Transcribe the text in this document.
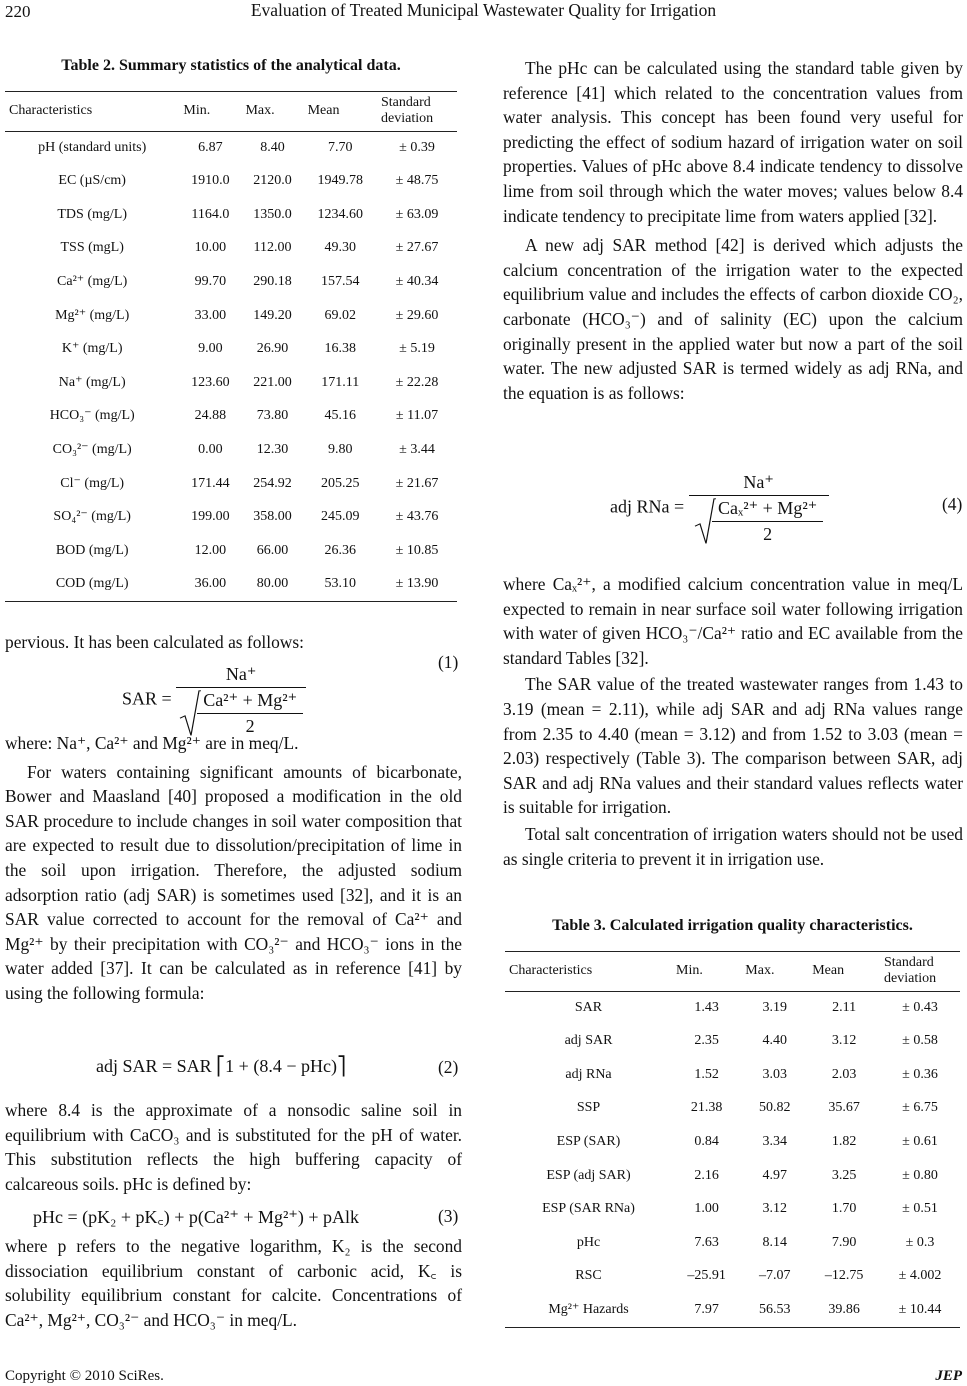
Evaluation of Treated Municipal Wastewater Quality for Irrigation
220
Table 2. Summary statistics of the analytical data.
Characteristics	Min.	Max.	Mean	Standard deviation
pH (standard units)	6.87	8.40	7.70	± 0.39
EC (µS/cm)	1910.0	2120.0	1949.78	± 48.75
TDS (mg/L)	1164.0	1350.0	1234.60	± 63.09
TSS (mgL)	10.00	112.00	49.30	± 27.67
Ca²⁺ (mg/L)	99.70	290.18	157.54	± 40.34
Mg²⁺ (mg/L)	33.00	149.20	69.02	± 29.60
K⁺ (mg/L)	9.00	26.90	16.38	± 5.19
Na⁺ (mg/L)	123.60	221.00	171.11	± 22.28
HCO₃⁻ (mg/L)	24.88	73.80	45.16	± 11.07
CO₃²⁻ (mg/L)	0.00	12.30	9.80	± 3.44
Cl⁻ (mg/L)	171.44	254.92	205.25	± 21.67
SO₄²⁻ (mg/L)	199.00	358.00	245.09	± 43.76
BOD (mg/L)	12.00	66.00	26.36	± 10.85
COD (mg/L)	36.00	80.00	53.10	± 13.90

pervious. It has been calculated as follows:

SAR = $\frac{Na^+}{\frac{\text{Ca²⁺ + Mg²⁺}}{2}}$
(1)

where: Na⁺, Ca²⁺ and Mg²⁺ are in meq/L.

For waters containing significant amounts of bicarbonate, Bower and Maasland [40] proposed a modification in the old SAR procedure to include changes in soil water composition that are expected to result due to dissolution/precipitation of lime in the soil upon irrigation. Therefore, the adjusted sodium adsorption ratio (adj SAR) is sometimes used [32], and it is an SAR value corrected to account for the removal of Ca²⁺ and Mg²⁺ by their precipitation with CO₃²⁻ and HCO₃⁻ ions in the water added [37]. It can be calculated as in reference [41] by using the following formula:

adj SAR = SAR ⎡1 + (8.4 − pHc)⎤	(2)

where 8.4 is the approximate of a nonsodic saline soil in equilibrium with CaCO₃ and is substituted for the pH of water. This substitution reflects the high buffering capacity of calcareous soils. pHc is defined by:

pHc = (pK₂ + pK꜀) + p(Ca²⁺ + Mg²⁺) + pAlk	(3)

where p refers to the negative logarithm, K₂ is the second dissociation equilibrium constant of carbonic acid, K꜀ is solubility equilibrium constant for calcite. Concentrations of Ca²⁺, Mg²⁺, CO₃²⁻ and HCO₃⁻ in meq/L.

The pHc can be calculated using the standard table given by reference [41] which related to the concentration values from water analysis. This concept has been found very useful for predicting the effect of sodium hazard of irrigation water on soil properties. Values of pHc above 8.4 indicate tendency to dissolve lime from soil through which the water moves; values below 8.4 indicate tendency to precipitate lime from waters applied [32].

A new adj SAR method [42] is derived which adjusts the calcium concentration of the irrigation water to the expected equilibrium value and includes the effects of carbon dioxide CO₂, carbonate (HCO₃⁻) and of salinity (EC) upon the calcium originally present in the applied water but now a part of the soil water. The new adjusted SAR is termed widely as adj RNa, and the equation is as follows:

adj RNa = $\frac{Na^+}{\frac{\text{Caₓ²⁺ + Mg²⁺}}{2}}$	(4)

where Caₓ²⁺, a modified calcium concentration value in meq/L expected to remain in near surface soil water following irrigation with water of given HCO₃⁻/Ca²⁺ ratio and EC available from the standard Tables [32].

The SAR value of the treated wastewater ranges from 1.43 to 3.19 (mean = 2.11), while adj SAR and adj RNa values range from 2.35 to 4.40 (mean = 3.12) and from 1.52 to 3.03 (mean = 2.03) respectively (Table 3). The comparison between SAR, adj SAR and adj RNa values and their standard values reflects water is suitable for irrigation.

Total salt concentration of irrigation waters should not be used as single criteria to prevent it in irrigation use.

Table 3. Calculated irrigation quality characteristics.
Characteristics	Min.	Max.	Mean	Standard deviation
SAR	1.43	3.19	2.11	± 0.43
adj SAR	2.35	4.40	3.12	± 0.58
adj RNa	1.52	3.03	2.03	± 0.36
SSP	21.38	50.82	35.67	± 6.75
ESP (SAR)	0.84	3.34	1.82	± 0.61
ESP (adj SAR)	2.16	4.97	3.25	± 0.80
ESP (SAR RNa)	1.00	3.12	1.70	± 0.51
pHc	7.63	8.14	7.90	± 0.3
RSC	–25.91	–7.07	–12.75	± 4.002
Mg²⁺ Hazards	7.97	56.53	39.86	± 10.44
Copyright © 2010 SciRes.	JEP
